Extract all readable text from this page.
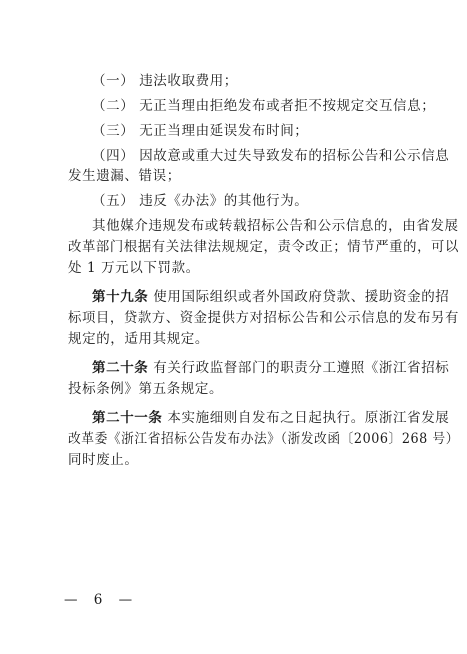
（一） 违法收取费用；
（二） 无正当理由拒绝发布或者拒不按规定交互信息；
（三） 无正当理由延误发布时间；
（四） 因故意或重大过失导致发布的招标公告和公示信息
发生遗漏、错误；
（五） 违反《办法》的其他行为。
其他媒介违规发布或转载招标公告和公示信息的，由省发展
改革部门根据有关法律法规规定，责令改正；情节严重的，可以
处 1 万元以下罚款。
第十九条 使用国际组织或者外国政府贷款、援助资金的招
标项目，贷款方、资金提供方对招标公告和公示信息的发布另有
规定的，适用其规定。
第二十条 有关行政监督部门的职责分工遵照《浙江省招标
投标条例》第五条规定。
第二十一条 本实施细则自发布之日起执行。原浙江省发展
改革委《浙江省招标公告发布办法》（浙发改函〔2006〕268 号）
同时废止。
— 6 —
